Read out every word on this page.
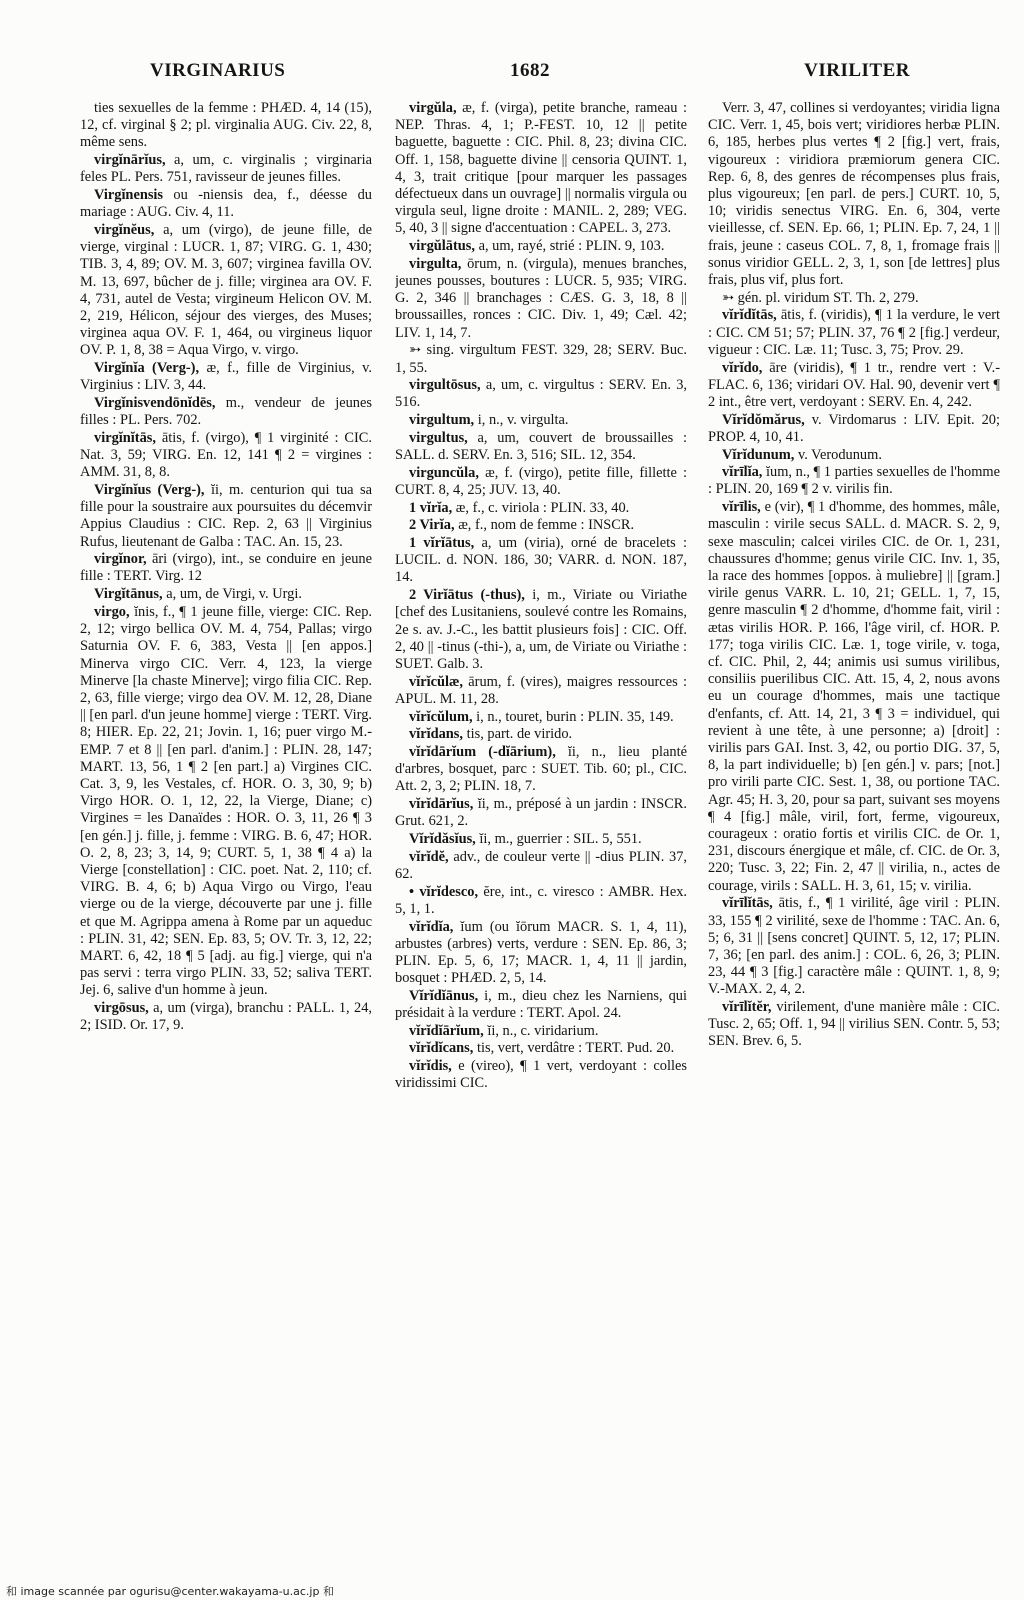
VIRGINARIUS	1682	VIRILITER

ties sexuelles de la femme : PHÆD. 4, 14 (15), 12, cf. virginal § 2; pl. virginalia AUG. Civ. 22, 8, même sens.

virgĭnārĭus, a, um, c. virginalis ; virginaria feles PL. Pers. 751, ravisseur de jeunes filles.

Virgĭnensis ou -niensis dea, f., déesse du mariage : AUG. Civ. 4, 11.

virgĭnĕus, a, um (virgo), de jeune fille, de vierge, virginal : LUCR. 1, 87; VIRG. G. 1, 430; TIB. 3, 4, 89; OV. M. 3, 607; virginea favilla OV. M. 13, 697, bûcher de j. fille; virginea ara OV. F. 4, 731, autel de Vesta; virgineum Helicon OV. M. 2, 219, Hélicon, séjour des vierges, des Muses; virginea aqua OV. F. 1, 464, ou virgineus liquor OV. P. 1, 8, 38 = Aqua Virgo, v. virgo.

Virgĭnĭa (Verg-), æ, f., fille de Virginius, v. Virginius : LIV. 3, 44.

Virgĭnisvendōnĭdēs, m., vendeur de jeunes filles : PL. Pers. 702.

virgĭnĭtās, ātis, f. (virgo), ¶ 1 virginité : CIC. Nat. 3, 59; VIRG. En. 12, 141 ¶ 2 = virgines : AMM. 31, 8, 8.

Virgĭnĭus (Verg-), ĭi, m. centurion qui tua sa fille pour la soustraire aux poursuites du décemvir Appius Claudius : CIC. Rep. 2, 63 || Virginius Rufus, lieutenant de Galba : TAC. An. 15, 23.

virgĭnor, āri (virgo), int., se conduire en jeune fille : TERT. Virg. 12

Virgĭtānus, a, um, de Virgi, v. Urgi.

virgo, ĭnis, f., ¶ 1 jeune fille, vierge: CIC. Rep. 2, 12; virgo bellica OV. M. 4, 754, Pallas; virgo Saturnia OV. F. 6, 383, Vesta || [en appos.] Minerva virgo CIC. Verr. 4, 123, la vierge Minerve [la chaste Minerve]; virgo filia CIC. Rep. 2, 63, fille vierge; virgo dea OV. M. 12, 28, Diane || [en parl. d'un jeune homme] vierge : TERT. Virg. 8; HIER. Ep. 22, 21; Jovin. 1, 16; puer virgo M.-EMP. 7 et 8 || [en parl. d'anim.] : PLIN. 28, 147; MART. 13, 56, 1 ¶ 2 [en part.] a) Virgines CIC. Cat. 3, 9, les Vestales, cf. HOR. O. 3, 30, 9; b) Virgo HOR. O. 1, 12, 22, la Vierge, Diane; c) Virgines = les Danaïdes : HOR. O. 3, 11, 26 ¶ 3 [en gén.] j. fille, j. femme : VIRG. B. 6, 47; HOR. O. 2, 8, 23; 3, 14, 9; CURT. 5, 1, 38 ¶ 4 a) la Vierge [constellation] : CIC. poet. Nat. 2, 110; cf. VIRG. B. 4, 6; b) Aqua Virgo ou Virgo, l'eau vierge ou de la vierge, découverte par une j. fille et que M. Agrippa amena à Rome par un aqueduc : PLIN. 31, 42; SEN. Ep. 83, 5; OV. Tr. 3, 12, 22; MART. 6, 42, 18 ¶ 5 [adj. au fig.] vierge, qui n'a pas servi : terra virgo PLIN. 33, 52; saliva TERT. Jej. 6, salive d'un homme à jeun.

virgōsus, a, um (virga), branchu : PALL. 1, 24, 2; ISID. Or. 17, 9.

virgŭla, æ, f. (virga), petite branche, rameau : NEP. Thras. 4, 1; P.-FEST. 10, 12 || petite baguette, baguette : CIC. Phil. 8, 23; divina CIC. Off. 1, 158, baguette divine || censoria QUINT. 1, 4, 3, trait critique [pour marquer les passages défectueux dans un ouvrage] || normalis virgula ou virgula seul, ligne droite : MANIL. 2, 289; VEG. 5, 40, 3 || signe d'accentuation : CAPEL. 3, 273.

virgŭlātus, a, um, rayé, strié : PLIN. 9, 103.

virgulta, ōrum, n. (virgula), menues branches, jeunes pousses, boutures : LUCR. 5, 935; VIRG. G. 2, 346 || branchages : CÆS. G. 3, 18, 8 || broussailles, ronces : CIC. Div. 1, 49; Cæl. 42; LIV. 1, 14, 7.

➳ sing. virgultum FEST. 329, 28; SERV. Buc. 1, 55.

virgultōsus, a, um, c. virgultus : SERV. En. 3, 516.

virgultum, i, n., v. virgulta.

virgultus, a, um, couvert de broussailles : SALL. d. SERV. En. 3, 516; SIL. 12, 354.

virguncŭla, æ, f. (virgo), petite fille, fillette : CURT. 8, 4, 25; JUV. 13, 40.

1 vĭrĭa, æ, f., c. viriola : PLIN. 33, 40.

2 Virĭa, æ, f., nom de femme : INSCR.

1 vĭrĭātus, a, um (viria), orné de bracelets : LUCIL. d. NON. 186, 30; VARR. d. NON. 187, 14.

2 Virĭātus (-thus), i, m., Viriate ou Viriathe [chef des Lusitaniens, soulevé contre les Romains, 2e s. av. J.-C., les battit plusieurs fois] : CIC. Off. 2, 40 || -tinus (-thi-), a, um, de Viriate ou Viriathe : SUET. Galb. 3.

vĭrĭcŭlæ, ārum, f. (vires), maigres ressources : APUL. M. 11, 28.

vĭrĭcŭlum, i, n., touret, burin : PLIN. 35, 149.

vĭrĭdans, tis, part. de virido.

vĭrĭdārĭum (-dĭārium), ĭi, n., lieu planté d'arbres, bosquet, parc : SUET. Tib. 60; pl., CIC. Att. 2, 3, 2; PLIN. 18, 7.

vĭrĭdārĭus, ĭi, m., préposé à un jardin : INSCR. Grut. 621, 2.

Vĭrĭdăsĭus, ĭi, m., guerrier : SIL. 5, 551.

vĭrĭdĕ, adv., de couleur verte || -dius PLIN. 37, 62.

• vĭrĭdesco, ĕre, int., c. viresco : AMBR. Hex. 5, 1, 1.

vĭrĭdĭa, ĭum (ou ĭōrum MACR. S. 1, 4, 11), arbustes (arbres) verts, verdure : SEN. Ep. 86, 3; PLIN. Ep. 5, 6, 17; MACR. 1, 4, 11 || jardin, bosquet : PHÆD. 2, 5, 14.

Vĭrĭdĭānus, i, m., dieu chez les Narniens, qui présidait à la verdure : TERT. Apol. 24.

vĭrĭdĭārĭum, ĭi, n., c. viridarium.

vĭrĭdĭcans, tis, vert, verdâtre : TERT. Pud. 20.

vĭrĭdis, e (vireo), ¶ 1 vert, verdoyant : colles viridissimi CIC.

Verr. 3, 47, collines si verdoyantes; viridia ligna CIC. Verr. 1, 45, bois vert; viridiores herbæ PLIN. 6, 185, herbes plus vertes ¶ 2 [fig.] vert, frais, vigoureux : viridiora præmiorum genera CIC. Rep. 6, 8, des genres de récompenses plus frais, plus vigoureux; [en parl. de pers.] CURT. 10, 5, 10; viridis senectus VIRG. En. 6, 304, verte vieillesse, cf. SEN. Ep. 66, 1; PLIN. Ep. 7, 24, 1 || frais, jeune : caseus COL. 7, 8, 1, fromage frais || sonus viridior GELL. 2, 3, 1, son [de lettres] plus frais, plus vif, plus fort.

➳ gén. pl. viridum ST. Th. 2, 279.

vĭrĭdĭtās, ātis, f. (viridis), ¶ 1 la verdure, le vert : CIC. CM 51; 57; PLIN. 37, 76 ¶ 2 [fig.] verdeur, vigueur : CIC. Læ. 11; Tusc. 3, 75; Prov. 29.

vĭrĭdo, āre (viridis), ¶ 1 tr., rendre vert : V.-FLAC. 6, 136; viridari OV. Hal. 90, devenir vert ¶ 2 int., être vert, verdoyant : SERV. En. 4, 242.

Vĭrĭdŏmărus, v. Virdomarus : LIV. Epit. 20; PROP. 4, 10, 41.

Vĭrĭdunum, v. Verodunum.

vĭrīlĭa, ĭum, n., ¶ 1 parties sexuelles de l'homme : PLIN. 20, 169 ¶ 2 v. virilis fin.

vĭrīlis, e (vir), ¶ 1 d'homme, des hommes, mâle, masculin : virile secus SALL. d. MACR. S. 2, 9, sexe masculin; calcei viriles CIC. de Or. 1, 231, chaussures d'homme; genus virile CIC. Inv. 1, 35, la race des hommes [oppos. à muliebre] || [gram.] virile genus VARR. L. 10, 21; GELL. 1, 7, 15, genre masculin ¶ 2 d'homme, d'homme fait, viril : ætas virilis HOR. P. 166, l'âge viril, cf. HOR. P. 177; toga virilis CIC. Læ. 1, toge virile, v. toga, cf. CIC. Phil, 2, 44; animis usi sumus virilibus, consiliis puerilibus CIC. Att. 15, 4, 2, nous avons eu un courage d'hommes, mais une tactique d'enfants, cf. Att. 14, 21, 3 ¶ 3 = individuel, qui revient à une tête, à une personne; a) [droit] : virilis pars GAI. Inst. 3, 42, ou portio DIG. 37, 5, 8, la part individuelle; b) [en gén.] v. pars; [not.] pro virili parte CIC. Sest. 1, 38, ou portione TAC. Agr. 45; H. 3, 20, pour sa part, suivant ses moyens ¶ 4 [fig.] mâle, viril, fort, ferme, vigoureux, courageux : oratio fortis et virilis CIC. de Or. 1, 231, discours énergique et mâle, cf. CIC. de Or. 3, 220; Tusc. 3, 22; Fin. 2, 47 || virilia, n., actes de courage, virils : SALL. H. 3, 61, 15; v. virilia.

vĭrīlĭtās, ātis, f., ¶ 1 virilité, âge viril : PLIN. 33, 155 ¶ 2 virilité, sexe de l'homme : TAC. An. 6, 5; 6, 31 || [sens concret] QUINT. 5, 12, 17; PLIN. 7, 36; [en parl. des anim.] : COL. 6, 26, 3; PLIN. 23, 44 ¶ 3 [fig.] caractère mâle : QUINT. 1, 8, 9; V.-MAX. 2, 4, 2.

vĭrīlĭtĕr, virilement, d'une manière mâle : CIC. Tusc. 2, 65; Off. 1, 94 || virilius SEN. Contr. 5, 53; SEN. Brev. 6, 5.

和 image scannée par ogurisu@center.wakayama-u.ac.jp 和
